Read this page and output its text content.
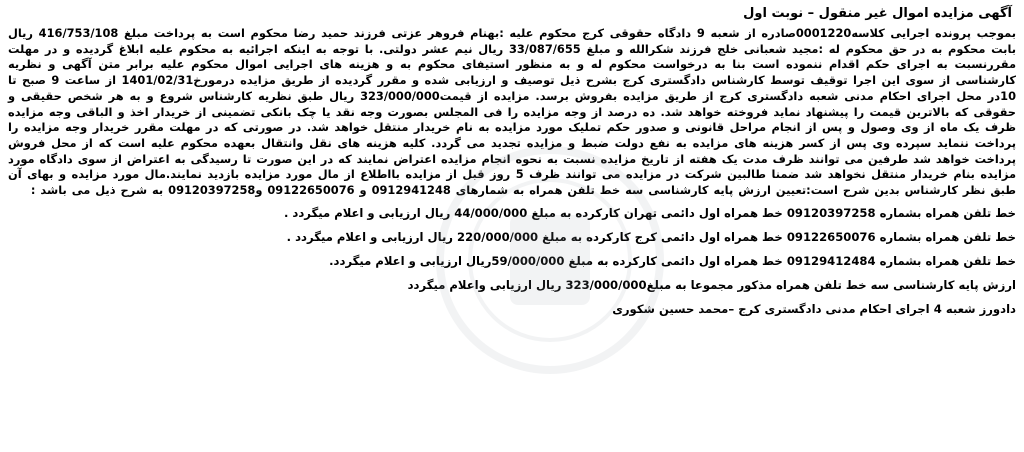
آگهی مزایده اموال غیر منقول – نوبت اول

بموجب پرونده اجرایی کلاسه0001220صادره از شعبه 9 دادگاه حقوقی کرج محکوم علیه :بهنام فروهر عزتی فرزند حمید رضا محکوم است به پرداخت مبلغ 416/753/108 ریال بابت محکوم به در حق محکوم له :مجید شعبانی خلج فرزند شکرالله و مبلغ 33/087/655 ریال نیم عشر دولتی. با توجه به اینکه اجرائیه به محکوم علیه ابلاغ گردیده و در مهلت مقررنسبت به اجرای حکم اقدام ننموده است بنا به درخواست محکوم له و به منظور استیفای محکوم به و هزینه های اجرایی اموال محکوم علیه برابر متن آگهی و نظریه کارشناسی از سوی این اجرا توقیف توسط کارشناس دادگستری کرج بشرح ذیل توصیف و ارزیابی شده و مقرر گردیده از طریق مزایده درمورخ1401/02/31 از ساعت 9 صبح تا 10در محل اجرای احکام مدنی شعبه دادگستری کرج از طریق مزایده بفروش برسد. مزایده از قیمت323/000/000 ریال طبق نظریه کارشناس شروع و به هر شخص حقیقی و حقوقی که بالاترین قیمت را پیشنهاد نماید فروخته خواهد شد. ده درصد از وجه مزایده را فی المجلس بصورت وجه نقد یا چک بانکی تضمینی از خریدار اخذ و الباقی وجه مزایده ظرف یک ماه از وی وصول و پس از انجام مراحل قانونی و صدور حکم تملیک مورد مزایده به نام خریدار منتقل خواهد شد. در صورتی که در مهلت مقرر خریدار وجه مزایده را پرداخت ننماید سپرده وی پس از کسر هزینه های مزایده به نفع دولت ضبط و مزایده تجدید می گردد. کلیه هزینه های نقل وانتقال بعهده محکوم علیه است که از محل فروش پرداخت خواهد شد طرفین می توانند ظرف مدت یک هفته از تاریخ مزایده نسبت به نحوه انجام مزایده اعتراض نمایند که در این صورت تا رسیدگی به اعتراض از سوی دادگاه مورد مزایده بنام خریدار منتقل نخواهد شد ضمنا طالبین شرکت در مزایده می توانند ظرف 5 روز قبل از مزایده بااطلاع از مال مورد مزایده بازدید نمایند.مال مورد مزایده و بهای آن طبق نظر کارشناس بدین شرح است:تعیین ارزش پایه کارشناسی سه خط تلفن همراه به شمارهای 0912941248 و 09122650076 و09120397258 به شرح ذیل می باشد :

خط تلفن همراه بشماره 09120397258 خط همراه اول دائمی تهران کارکرده به مبلغ 44/000/000 ریال ارزیابی و اعلام میگردد .
خط تلفن همراه بشماره 09122650076 خط همراه اول دائمی کرج کارکرده به مبلغ 220/000/000 ریال ارزیابی و اعلام میگردد .
خط تلفن همراه بشماره 09129412484 خط همراه اول دائمی کارکرده به مبلغ 59/000/000ریال ارزیابی و اعلام میگردد.
ارزش پایه کارشناسی سه خط تلفن همراه مذکور مجموعا به مبلغ323/000/000 ریال ارزیابی واعلام میگردد
دادورز شعبه 4 اجرای احکام مدنی دادگستری کرج –محمد حسین شکوری
